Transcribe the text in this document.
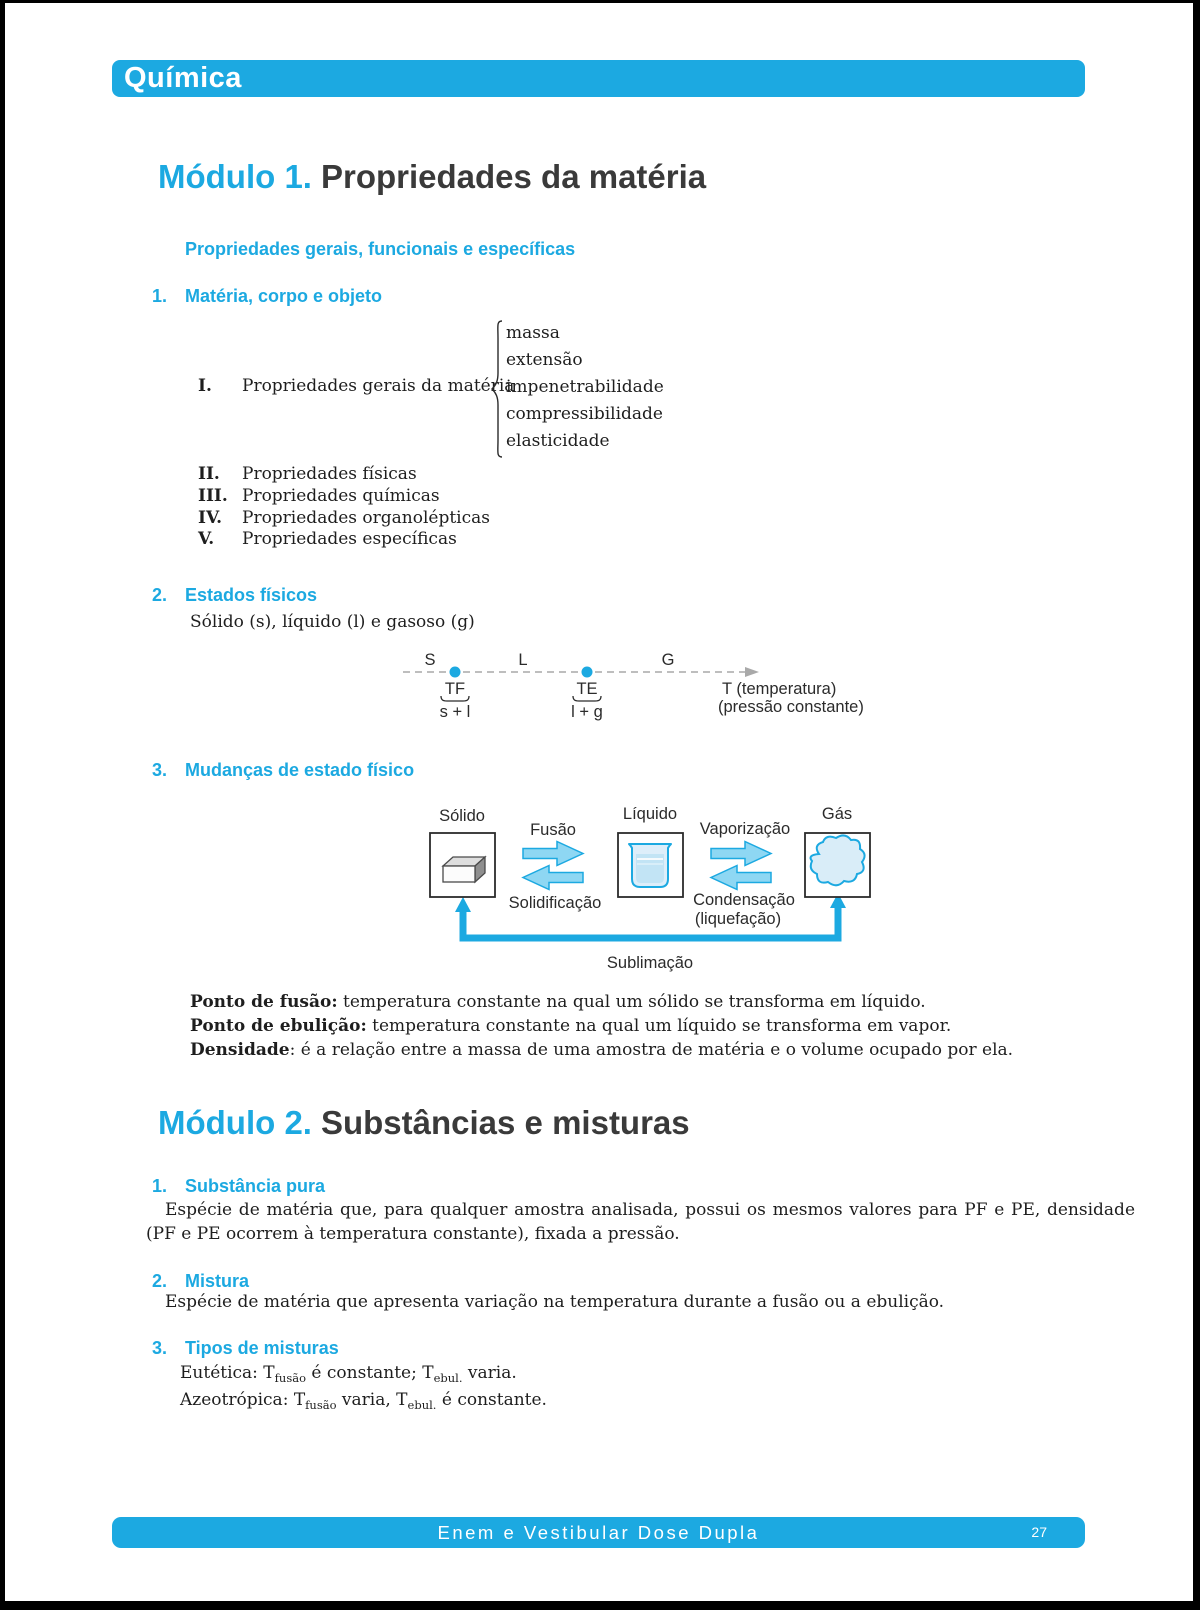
Química
Módulo 1. Propriedades da matéria
Propriedades gerais, funcionais e específicas
1. Matéria, corpo e objeto
I.	Propriedades gerais da matéria
massa
extensão
impenetrabilidade
compressibilidade
elasticidade
II.	Propriedades físicas
III. Propriedades químicas
IV.	Propriedades organolépticas
V.	Propriedades específicas
2. Estados físicos
Sólido (s), líquido (l) e gasoso (g)
S	L	G
TF
s + l
TE
l + g
T (temperatura)
(pressão constante)
3. Mudanças de estado físico
Sólido	Líquido	Gás
Fusão
Solidificação
Vaporização
Condensação
(liquefação)
Sublimação
Ponto de fusão: temperatura constante na qual um sólido se transforma em líquido.
Ponto de ebulição: temperatura constante na qual um líquido se transforma em vapor.
Densidade: é a relação entre a massa de uma amostra de matéria e o volume ocupado por ela.
Módulo 2. Substâncias e misturas
1. Substância pura
Espécie de matéria que, para qualquer amostra analisada, possui os mesmos valores para PF e PE, densidade (PF e PE ocorrem à temperatura constante), fixada a pressão.
2. Mistura
Espécie de matéria que apresenta variação na temperatura durante a fusão ou a ebulição.
3. Tipos de misturas
Eutética: $T_{fusão}$ é constante; $T_{ebul.}$ varia.
Azeotrópica: $T_{fusão}$ varia, $T_{ebul.}$ é constante.
Enem e Vestibular Dose Dupla	27
